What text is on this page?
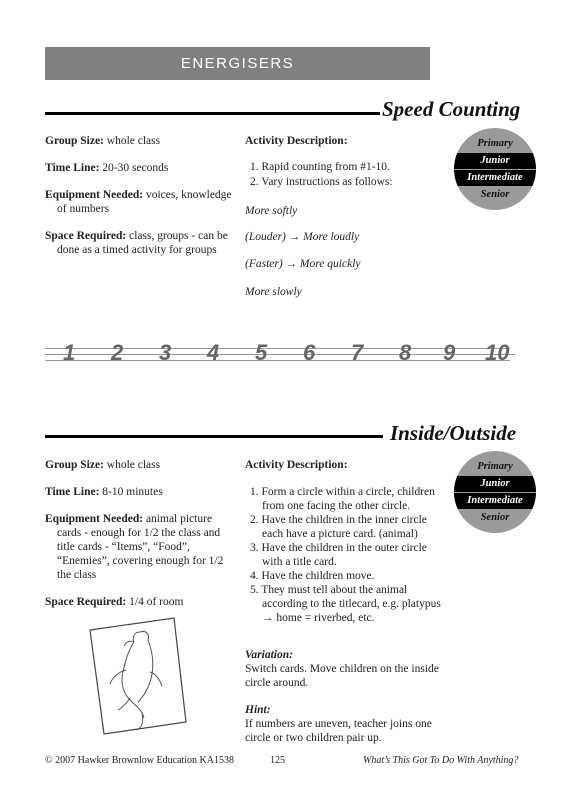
ENERGISERS
Speed Counting
Group Size: whole class
Time Line: 20-30 seconds
Equipment Needed: voices, knowledge of numbers
Space Required: class, groups - can be done as a timed activity for groups
Activity Description:
1. Rapid counting from #1-10.
2. Vary instructions as follows:
More softly
(Louder) → More loudly
(Faster) → More quickly
More slowly
Primary
Junior
Intermediate
Senior
1 2 3 4 5 6 7 8 9 10
Inside/Outside
Group Size: whole class
Time Line: 8-10 minutes
Equipment Needed: animal picture cards - enough for 1/2 the class and title cards - “Items”, “Food”, “Enemies”, covering enough for 1/2 the class
Space Required: 1/4 of room
Activity Description:
1. Form a circle within a circle, children from one facing the other circle.
2. Have the children in the inner circle each have a picture card. (animal)
3. Have the children in the outer circle with a title card.
4. Have the children move.
5. They must tell about the animal according to the titlecard, e.g. platypus → home = riverbed, etc.
Variation:
Switch cards. Move children on the inside circle around.
Hint:
If numbers are uneven, teacher joins one circle or two children pair up.
Primary
Junior
Intermediate
Senior
© 2007 Hawker Brownlow Education KA1538	125	What’s This Got To Do With Anything?
